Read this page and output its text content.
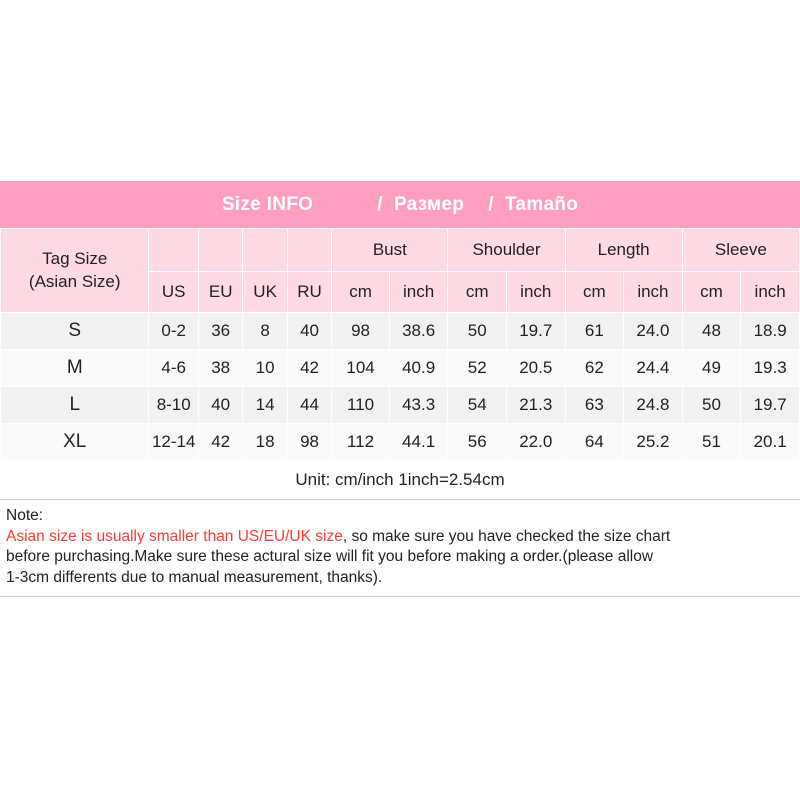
Size INFO	/  Размер /  Tamaño
Tag Size
(Asian Size)					Bust		Shoulder		Length		Sleeve	
	US	EU	UK	RU	cm	inch	cm	inch	cm	inch	cm	inch
S	0-2	36	8	40	98	38.6	50	19.7	61	24.0	48	18.9
M	4-6	38	10	42	104	40.9	52	20.5	62	24.4	49	19.3
L	8-10	40	14	44	110	43.3	54	21.3	63	24.8	50	19.7
XL	12-14	42	18	98	112	44.1	56	22.0	64	25.2	51	20.1
Unit: cm/inch 1inch=2.54cm												
Note:
Asian size is usually smaller than US/EU/UK size, so make sure you have checked the size chart
before purchasing.Make sure these actural size will fit you before making a order.(please allow
1-3cm differents due to manual measurement, thanks).
